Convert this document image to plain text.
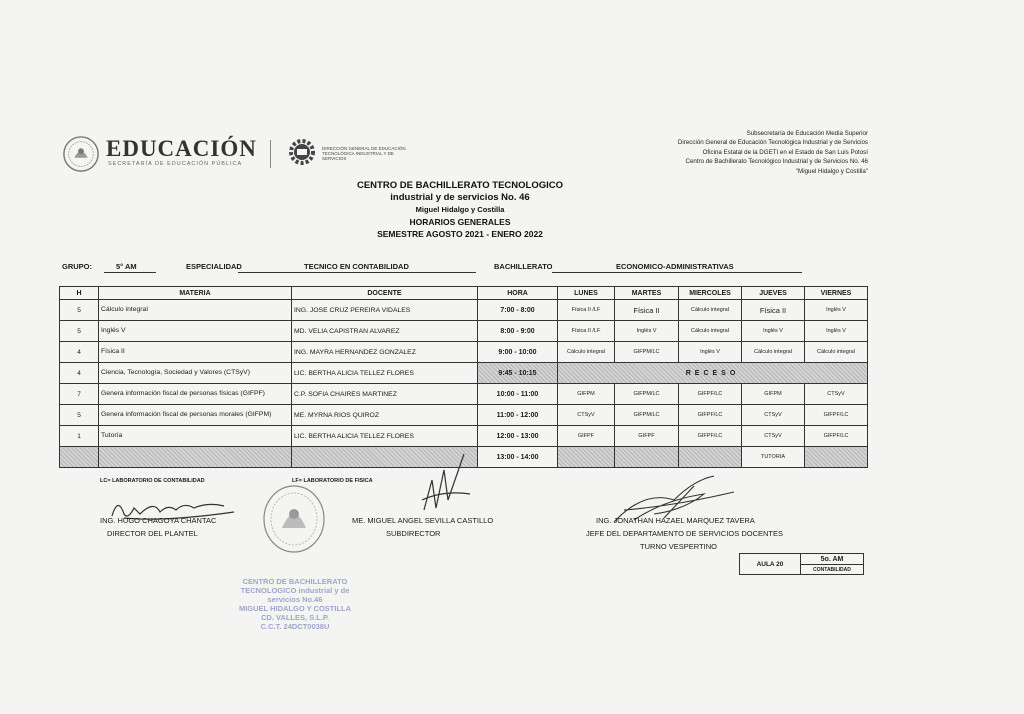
EDUCACIÓN
SECRETARÍA DE EDUCACIÓN PÚBLICA
DIRECCIÓN GENERAL DE EDUCACIÓN TECNOLÓGICA INDUSTRIAL Y DE SERVICIOS
Subsecretaría de Educación Media Superior
Dirección General de Educación Tecnológica Industrial y de Servicios
Oficina Estatal de la DGETI en el Estado de San Luis Potosí
Centro de Bachillerato Tecnológico Industrial y de Servicios No. 46
"Miguel Hidalgo y Costilla"
CENTRO DE BACHILLERATO TECNOLOGICO
industrial y de servicios No. 46
Miguel Hidalgo y Costilla
HORARIOS GENERALES
SEMESTRE AGOSTO 2021 - ENERO 2022
GRUPO:	5° AM	ESPECIALIDAD	TECNICO EN CONTABILIDAD	BACHILLERATO	ECONOMICO-ADMINISTRATIVAS
H	MATERIA	DOCENTE	HORA	LUNES	MARTES	MIERCOLES	JUEVES	VIERNES
5	Cálculo integral	ING. JOSE CRUZ PEREIRA VIDALES	7:00 - 8:00	Física II /LF	Física II	Cálculo integral	Física II	Inglés V
5	Inglés V	MD. VELIA CAPISTRAN ALVAREZ	8:00 - 9:00	Física II /LF	Inglés V	Cálculo integral	Inglés V	Inglés V
4	Física II	ING. MAYRA HERNANDEZ GONZALEZ	9:00 - 10:00	Cálculo integral	GIFPM/LC	Inglés V	Cálculo integral	Cálculo integral
4	Ciencia, Tecnología, Sociedad y Valores (CTSyV)	LIC. BERTHA ALICIA TELLEZ FLORES	9:45 - 10:15	RECESO				
7	Genera información fiscal de personas físicas (GIFPF)	C.P. SOFIA CHAIRES MARTINEZ	10:00 - 11:00	GIFPM	GIFPM/LC	GIFPF/LC	GIFPM	CTSyV
5	Genera información fiscal de personas morales (GIFPM)	ME. MYRNA RIOS QUIROZ	11:00 - 12:00	CTSyV	GIFPM/LC	GIFPF/LC	CTSyV	GIFPF/LC
1	Tutoría	LIC. BERTHA ALICIA TELLEZ FLORES	12:00 - 13:00	GIFPF	GIFPF	GIFPF/LC	CTSyV	GIFPF/LC
			13:00 - 14:00				TUTORIA	
LC= LABORATORIO DE CONTABILIDAD	LF= LABORATORIO DE FISICA
ING. HUGO CHAGOYA CHANTAC
DIRECTOR DEL PLANTEL
ME. MIGUEL ANGEL SEVILLA CASTILLO
SUBDIRECTOR
ING. JONATHAN HAZAEL MARQUEZ TAVERA
JEFE DEL DEPARTAMENTO DE SERVICIOS DOCENTES
TURNO VESPERTINO
AULA 20	5o. AM
CONTABILIDAD
CENTRO DE BACHILLERATO
TECNOLOGICO industrial y de
servicios No.46
MIGUEL HIDALGO Y COSTILLA
CD. VALLES, S.L.P.
C.C.T. 24DCT0038U
